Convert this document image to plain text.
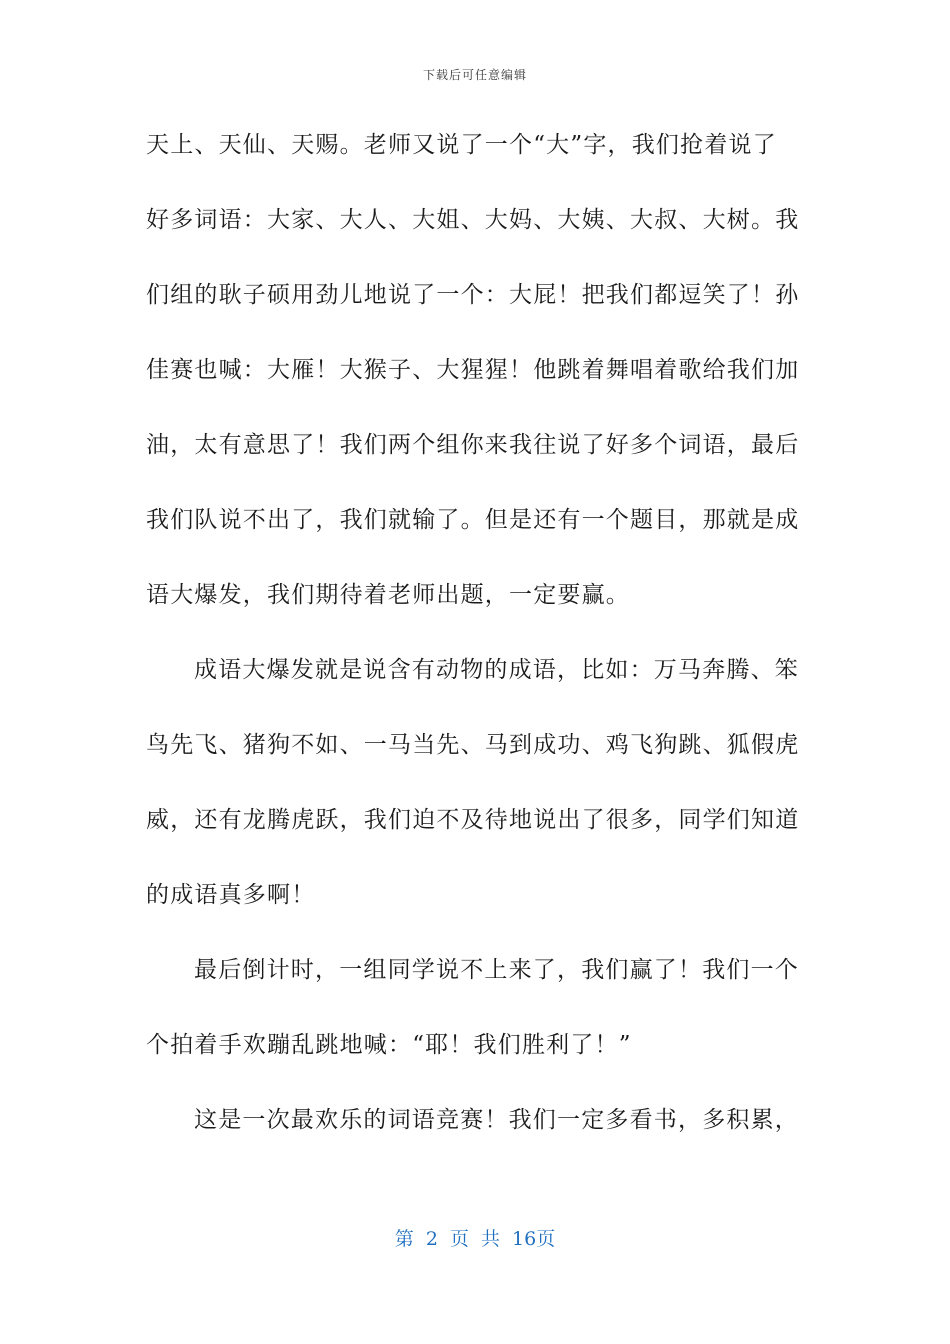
下载后可任意编辑
天上、天仙、天赐。老师又说了一个“大”字，我们抢着说了
好多词语：大家、大人、大姐、大妈、大姨、大叔、大树。我
们组的耿子硕用劲儿地说了一个：大屁！把我们都逗笑了！孙
佳赛也喊：大雁！大猴子、大猩猩！他跳着舞唱着歌给我们加
油，太有意思了！我们两个组你来我往说了好多个词语，最后
我们队说不出了，我们就输了。但是还有一个题目，那就是成
语大爆发，我们期待着老师出题，一定要赢。
成语大爆发就是说含有动物的成语，比如：万马奔腾、笨
鸟先飞、猪狗不如、一马当先、马到成功、鸡飞狗跳、狐假虎
威，还有龙腾虎跃，我们迫不及待地说出了很多，同学们知道
的成语真多啊！
最后倒计时，一组同学说不上来了，我们赢了！我们一个
个拍着手欢蹦乱跳地喊：“耶！我们胜利了！”
这是一次最欢乐的词语竞赛！我们一定多看书，多积累，
第 2 页 共 16页
